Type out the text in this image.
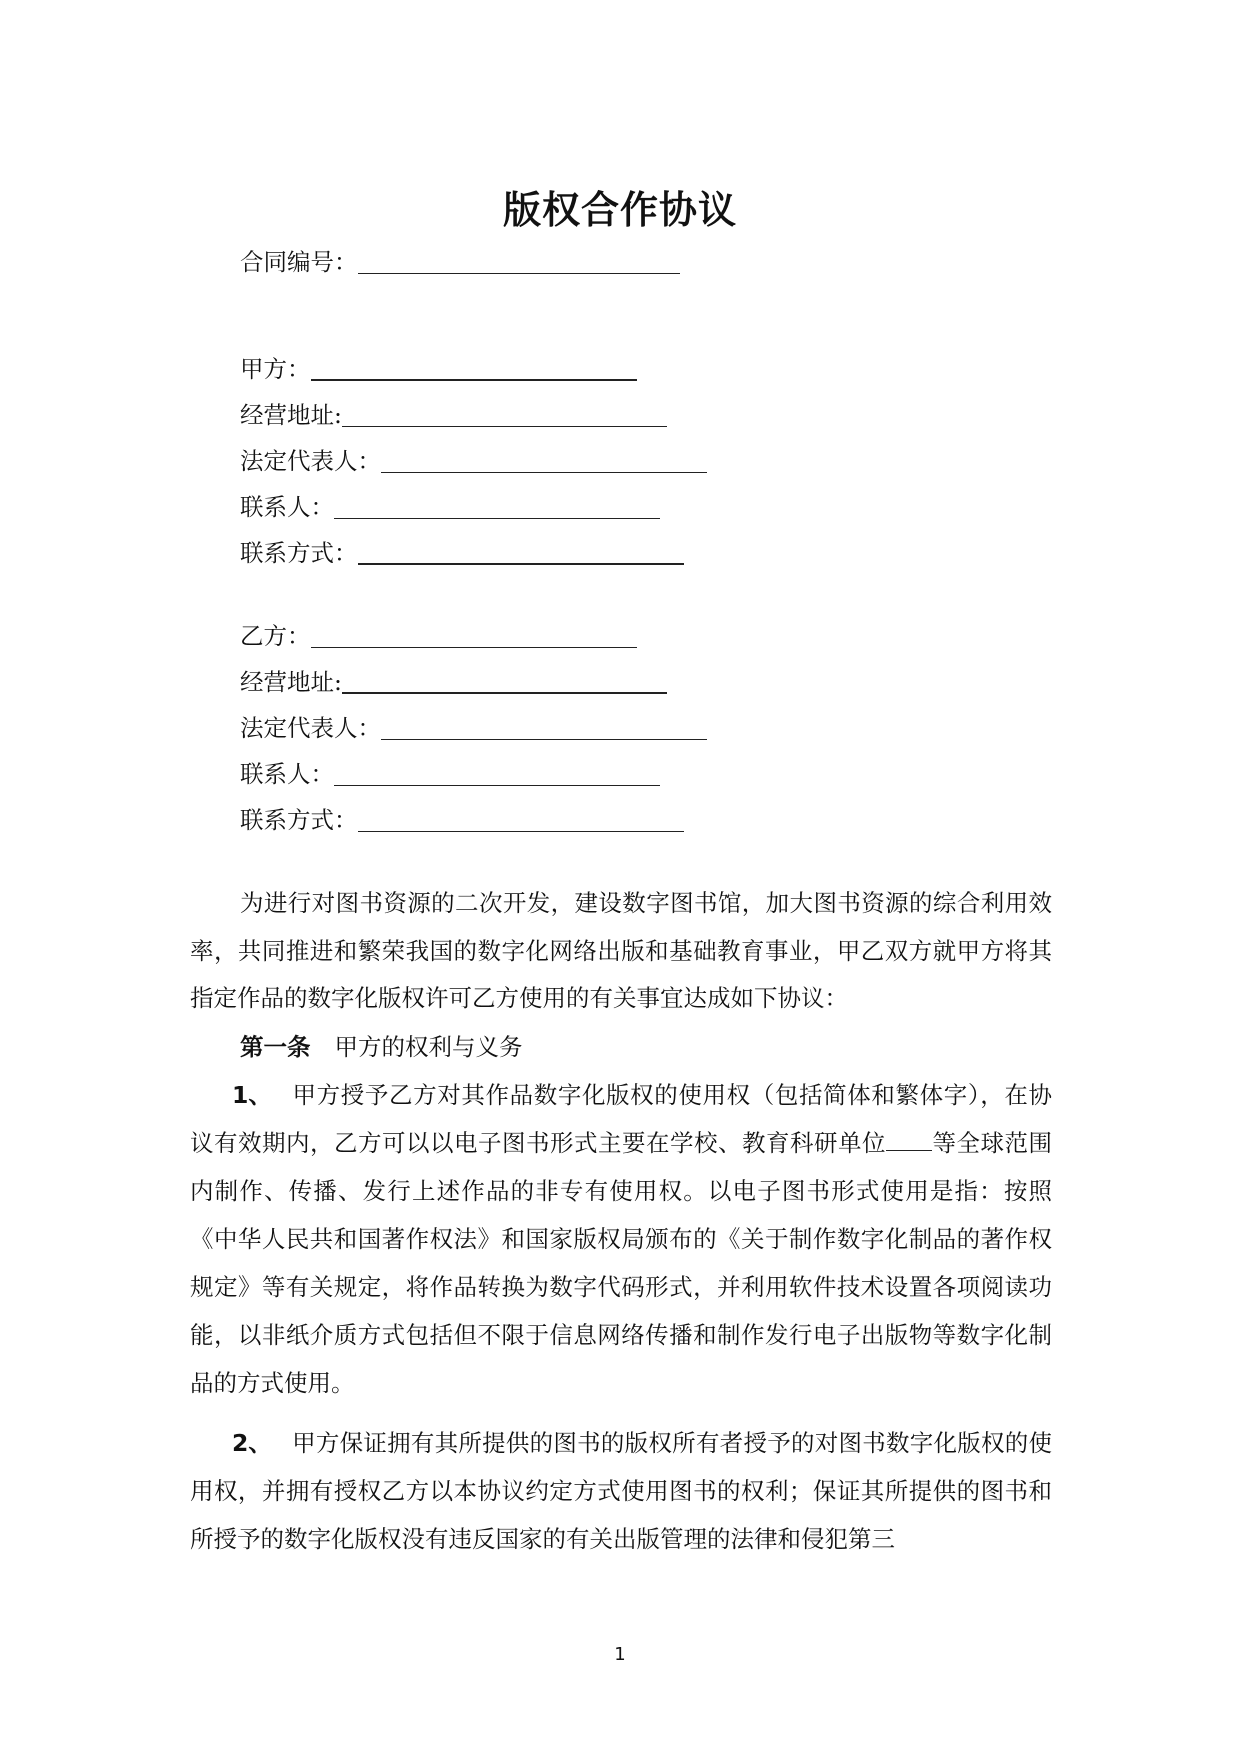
版权合作协议
合同编号：
甲方：
经营地址:
法定代表人：
联系人：
联系方式：
乙方：
经营地址:
法定代表人：
联系人：
联系方式：
为进行对图书资源的二次开发，建设数字图书馆，加大图书资源的综合利用效率，共同推进和繁荣我国的数字化网络出版和基础教育事业，甲乙双方就甲方将其指定作品的数字化版权许可乙方使用的有关事宜达成如下协议：
第一条 甲方的权利与义务
1、 甲方授予乙方对其作品数字化版权的使用权（包括简体和繁体字），在协议有效期内，乙方可以以电子图书形式主要在学校、教育科研单位 等全球范围内制作、传播、发行上述作品的非专有使用权。以电子图书形式使用是指：按照《中华人民共和国著作权法》和国家版权局颁布的《关于制作数字化制品的著作权规定》等有关规定，将作品转换为数字代码形式，并利用软件技术设置各项阅读功能，以非纸介质方式包括但不限于信息网络传播和制作发行电子出版物等数字化制品的方式使用。
2、 甲方保证拥有其所提供的图书的版权所有者授予的对图书数字化版权的使用权，并拥有授权乙方以本协议约定方式使用图书的权利；保证其所提供的图书和所授予的数字化版权没有违反国家的有关出版管理的法律和侵犯第三
1
